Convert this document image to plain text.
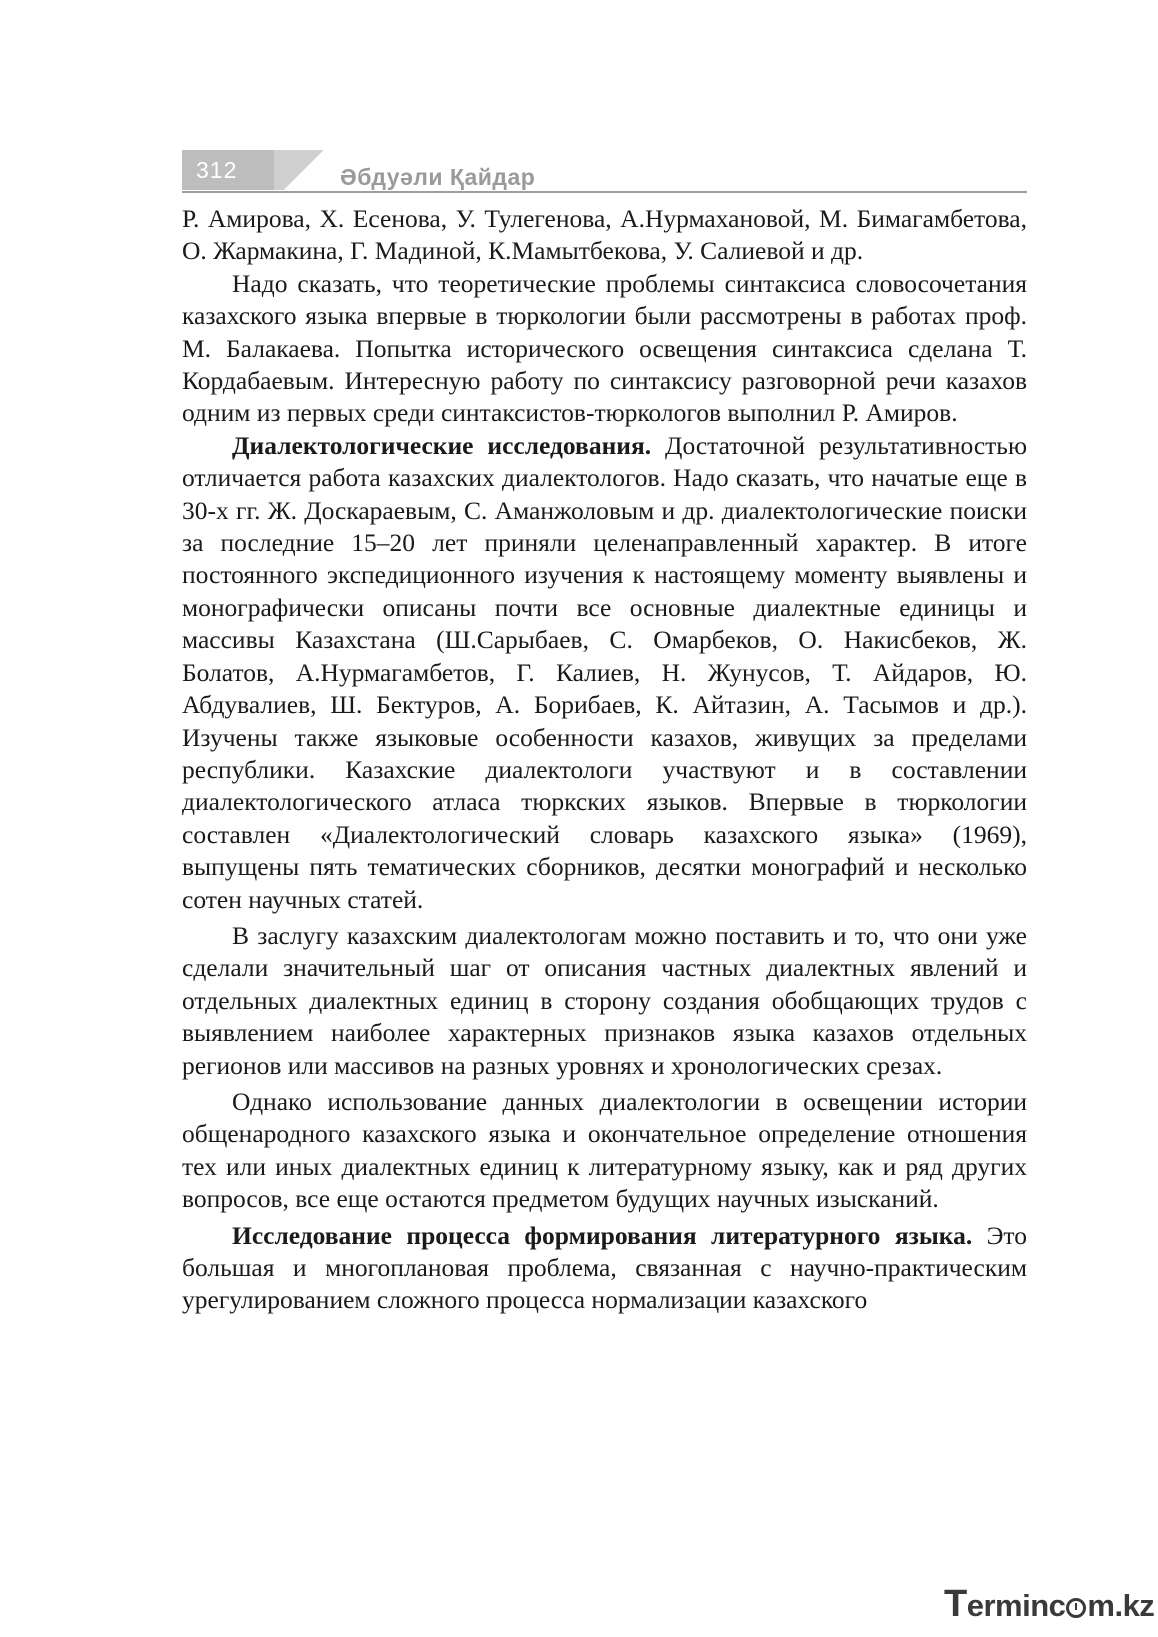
312	Әбдуәли Қайдар

Р. Амирова, Х. Есенова, У. Тулегенова, А.Нурмахановой, М. Бимагамбетова, О. Жармакина, Г. Мадиной, К.Мамытбекова, У. Салиевой и др.

Надо сказать, что теоретические проблемы синтаксиса словосочетания казахского языка впервые в тюркологии были рассмотрены в работах проф. М. Балакаева. Попытка исторического освещения синтаксиса сделана Т. Кордабаевым. Интересную работу по синтаксису разговорной речи казахов одним из первых среди синтаксистов-тюркологов выполнил Р. Амиров.

Диалектологические исследования. Достаточной результативностью отличается работа казахских диалектологов. Надо сказать, что начатые еще в 30-х гг. Ж. Доскараевым, С. Аманжоловым и др. диалектологические поиски за последние 15–20 лет приняли целенаправленный характер. В итоге постоянного экспедиционного изучения к настоящему моменту выявлены и монографически описаны почти все основные диалектные единицы и массивы Казахстана (Ш.Сарыбаев, С. Омарбеков, О. Накисбеков, Ж. Болатов, А.Нурмагамбетов, Г. Калиев, Н. Жунусов, Т. Айдаров, Ю. Абдувалиев, Ш. Бектуров, А. Борибаев, К. Айтазин, А. Тасымов и др.). Изучены также языковые особенности казахов, живущих за пределами республики. Казахские диалектологи участвуют и в составлении диалектологического атласа тюркских языков. Впервые в тюркологии составлен «Диалектологический словарь казахского языка» (1969), выпущены пять тематических сборников, десятки монографий и несколько сотен научных статей.

В заслугу казахским диалектологам можно поставить и то, что они уже сделали значительный шаг от описания частных диалектных явлений и отдельных диалектных единиц в сторону создания обобщающих трудов с выявлением наиболее характерных признаков языка казахов отдельных регионов или массивов на разных уровнях и хронологических срезах.

Однако использование данных диалектологии в освещении истории общенародного казахского языка и окончательное определение отношения тех или иных диалектных единиц к литературному языку, как и ряд других вопросов, все еще остаются предметом будущих научных изысканий.

Исследование процесса формирования литературного языка. Это большая и многоплановая проблема, связанная с научно-практическим урегулированием сложного процесса нормализации казахского

Terminc m.kz
